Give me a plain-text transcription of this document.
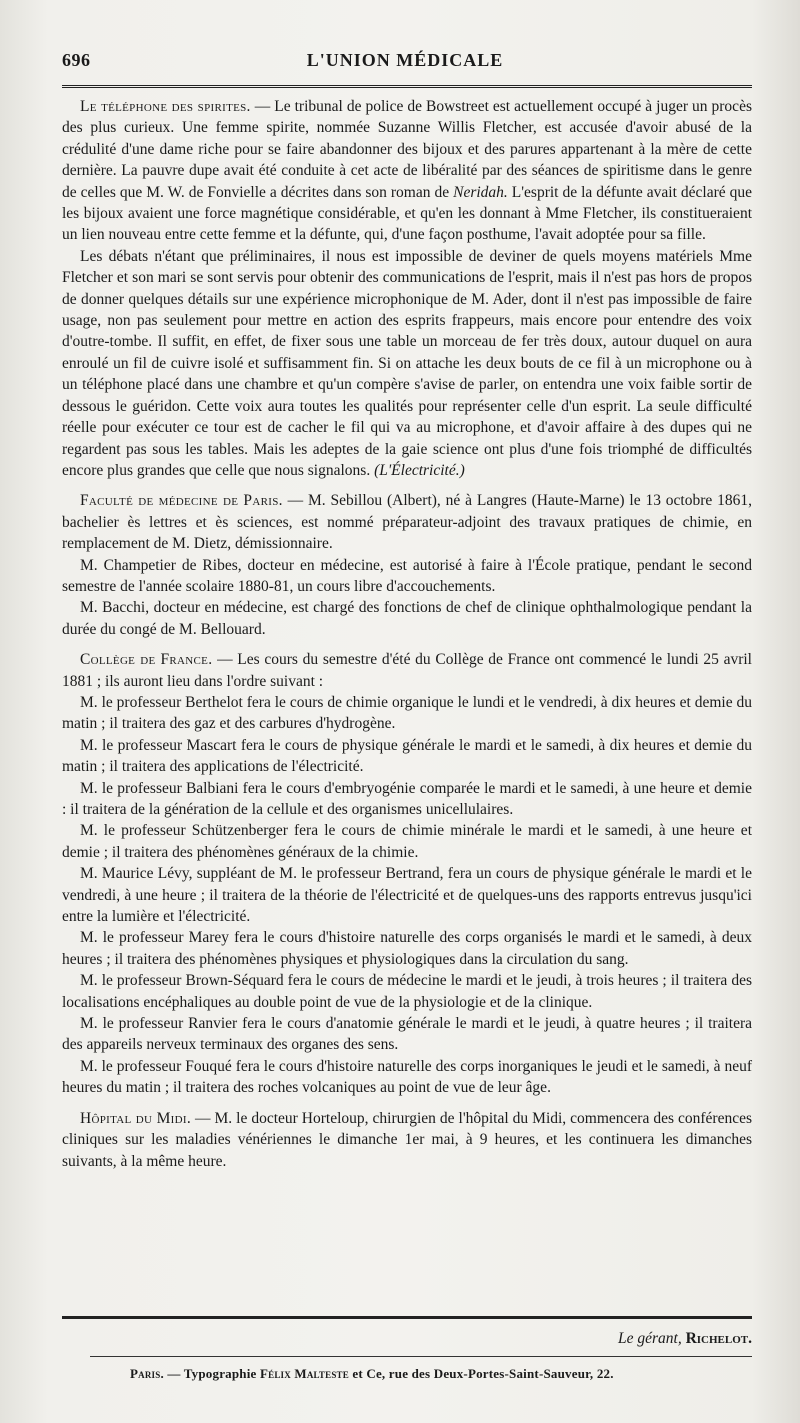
696	L'UNION MÉDICALE

Le téléphone des spirites. — Le tribunal de police de Bowstreet est actuellement occupé à juger un procès des plus curieux. Une femme spirite, nommée Suzanne Willis Fletcher, est accusée d'avoir abusé de la crédulité d'une dame riche pour se faire abandonner des bijoux et des parures appartenant à la mère de cette dernière. La pauvre dupe avait été conduite à cet acte de libéralité par des séances de spiritisme dans le genre de celles que M. W. de Fonvielle a décrites dans son roman de Neridah. L'esprit de la défunte avait déclaré que les bijoux avaient une force magnétique considérable, et qu'en les donnant à Mme Fletcher, ils constitueraient un lien nouveau entre cette femme et la défunte, qui, d'une façon posthume, l'avait adoptée pour sa fille.

Les débats n'étant que préliminaires, il nous est impossible de deviner de quels moyens matériels Mme Fletcher et son mari se sont servis pour obtenir des communications de l'esprit, mais il n'est pas hors de propos de donner quelques détails sur une expérience microphonique de M. Ader, dont il n'est pas impossible de faire usage, non pas seulement pour mettre en action des esprits frappeurs, mais encore pour entendre des voix d'outre-tombe. Il suffit, en effet, de fixer sous une table un morceau de fer très doux, autour duquel on aura enroulé un fil de cuivre isolé et suffisamment fin. Si on attache les deux bouts de ce fil à un microphone ou à un téléphone placé dans une chambre et qu'un compère s'avise de parler, on entendra une voix faible sortir de dessous le guéridon. Cette voix aura toutes les qualités pour représenter celle d'un esprit. La seule difficulté réelle pour exécuter ce tour est de cacher le fil qui va au microphone, et d'avoir affaire à des dupes qui ne regardent pas sous les tables. Mais les adeptes de la gaie science ont plus d'une fois triomphé de difficultés encore plus grandes que celle que nous signalons. (L'Électricité.)

Faculté de médecine de Paris. — M. Sebillou (Albert), né à Langres (Haute-Marne) le 13 octobre 1861, bachelier ès lettres et ès sciences, est nommé préparateur-adjoint des travaux pratiques de chimie, en remplacement de M. Dietz, démissionnaire.

M. Champetier de Ribes, docteur en médecine, est autorisé à faire à l'École pratique, pendant le second semestre de l'année scolaire 1880-81, un cours libre d'accouchements.

M. Bacchi, docteur en médecine, est chargé des fonctions de chef de clinique ophthalmologique pendant la durée du congé de M. Bellouard.

Collège de France. — Les cours du semestre d'été du Collège de France ont commencé le lundi 25 avril 1881 ; ils auront lieu dans l'ordre suivant :

M. le professeur Berthelot fera le cours de chimie organique le lundi et le vendredi, à dix heures et demie du matin ; il traitera des gaz et des carbures d'hydrogène.

M. le professeur Mascart fera le cours de physique générale le mardi et le samedi, à dix heures et demie du matin ; il traitera des applications de l'électricité.

M. le professeur Balbiani fera le cours d'embryogénie comparée le mardi et le samedi, à une heure et demie : il traitera de la génération de la cellule et des organismes unicellulaires.

M. le professeur Schützenberger fera le cours de chimie minérale le mardi et le samedi, à une heure et demie ; il traitera des phénomènes généraux de la chimie.

M. Maurice Lévy, suppléant de M. le professeur Bertrand, fera un cours de physique générale le mardi et le vendredi, à une heure ; il traitera de la théorie de l'électricité et de quelques-uns des rapports entrevus jusqu'ici entre la lumière et l'électricité.

M. le professeur Marey fera le cours d'histoire naturelle des corps organisés le mardi et le samedi, à deux heures ; il traitera des phénomènes physiques et physiologiques dans la circulation du sang.

M. le professeur Brown-Séquard fera le cours de médecine le mardi et le jeudi, à trois heures ; il traitera des localisations encéphaliques au double point de vue de la physiologie et de la clinique.

M. le professeur Ranvier fera le cours d'anatomie générale le mardi et le jeudi, à quatre heures ; il traitera des appareils nerveux terminaux des organes des sens.

M. le professeur Fouqué fera le cours d'histoire naturelle des corps inorganiques le jeudi et le samedi, à neuf heures du matin ; il traitera des roches volcaniques au point de vue de leur âge.

Hôpital du Midi. — M. le docteur Horteloup, chirurgien de l'hôpital du Midi, commencera des conférences cliniques sur les maladies vénériennes le dimanche 1er mai, à 9 heures, et les continuera les dimanches suivants, à la même heure.

Le gérant, Richelot.
Paris. — Typographie Félix Malteste et Ce, rue des Deux-Portes-Saint-Sauveur, 22.
